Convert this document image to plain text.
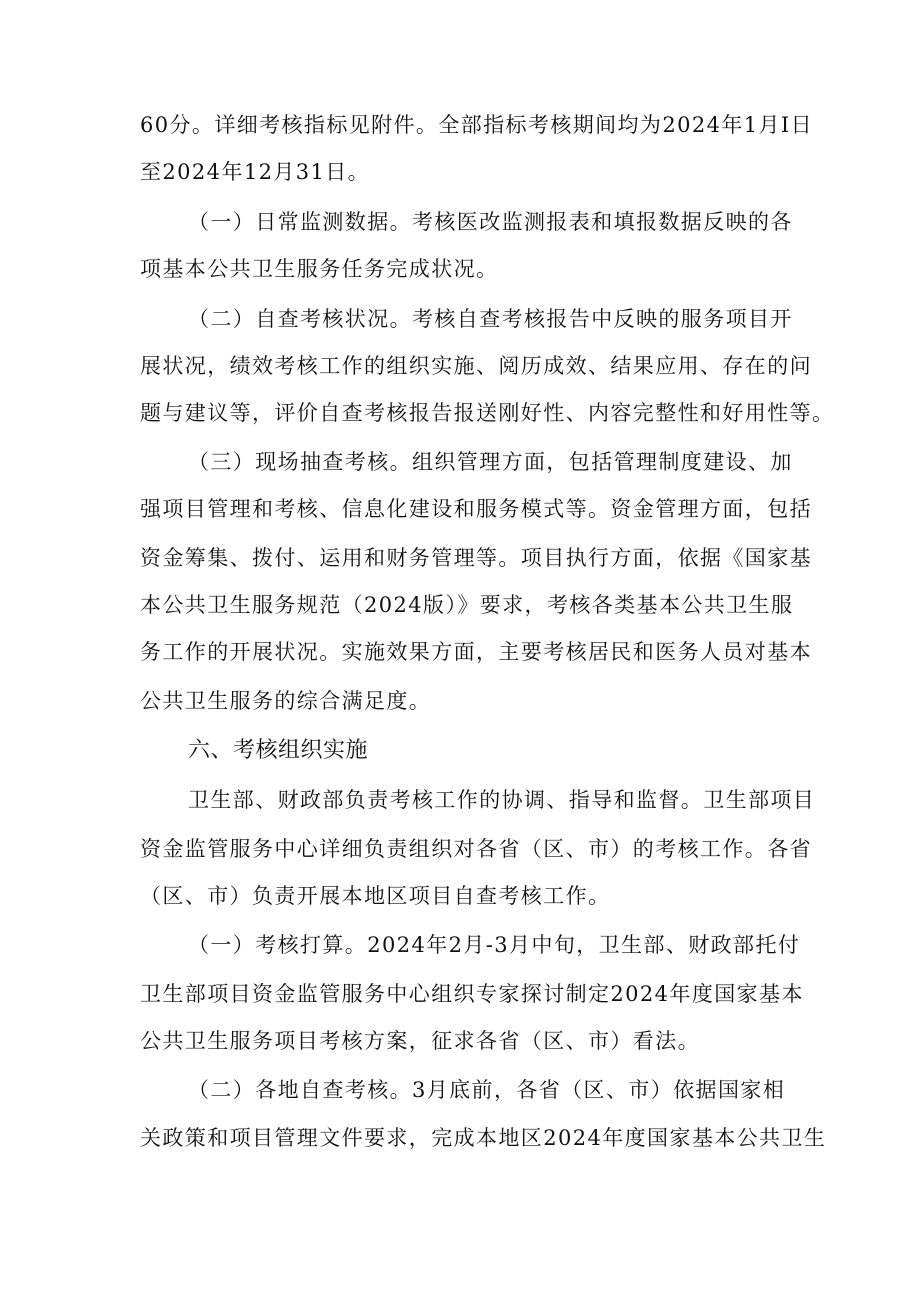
60分。详细考核指标见附件。全部指标考核期间均为2024年1月I日
至2024年12月31日。
（一）日常监测数据。考核医改监测报表和填报数据反映的各
项基本公共卫生服务任务完成状况。
（二）自查考核状况。考核自查考核报告中反映的服务项目开
展状况，绩效考核工作的组织实施、阅历成效、结果应用、存在的问
题与建议等，评价自查考核报告报送刚好性、内容完整性和好用性等。
（三）现场抽查考核。组织管理方面，包括管理制度建设、加
强项目管理和考核、信息化建设和服务模式等。资金管理方面，包括
资金筹集、拨付、运用和财务管理等。项目执行方面，依据《国家基
本公共卫生服务规范（2024版）》要求，考核各类基本公共卫生服
务工作的开展状况。实施效果方面，主要考核居民和医务人员对基本
公共卫生服务的综合满足度。
六、考核组织实施
卫生部、财政部负责考核工作的协调、指导和监督。卫生部项目
资金监管服务中心详细负责组织对各省（区、市）的考核工作。各省
（区、市）负责开展本地区项目自查考核工作。
（一）考核打算。2024年2月-3月中旬，卫生部、财政部托付
卫生部项目资金监管服务中心组织专家探讨制定2024年度国家基本
公共卫生服务项目考核方案，征求各省（区、市）看法。
（二）各地自查考核。3月底前，各省（区、市）依据国家相
关政策和项目管理文件要求，完成本地区2024年度国家基本公共卫生
